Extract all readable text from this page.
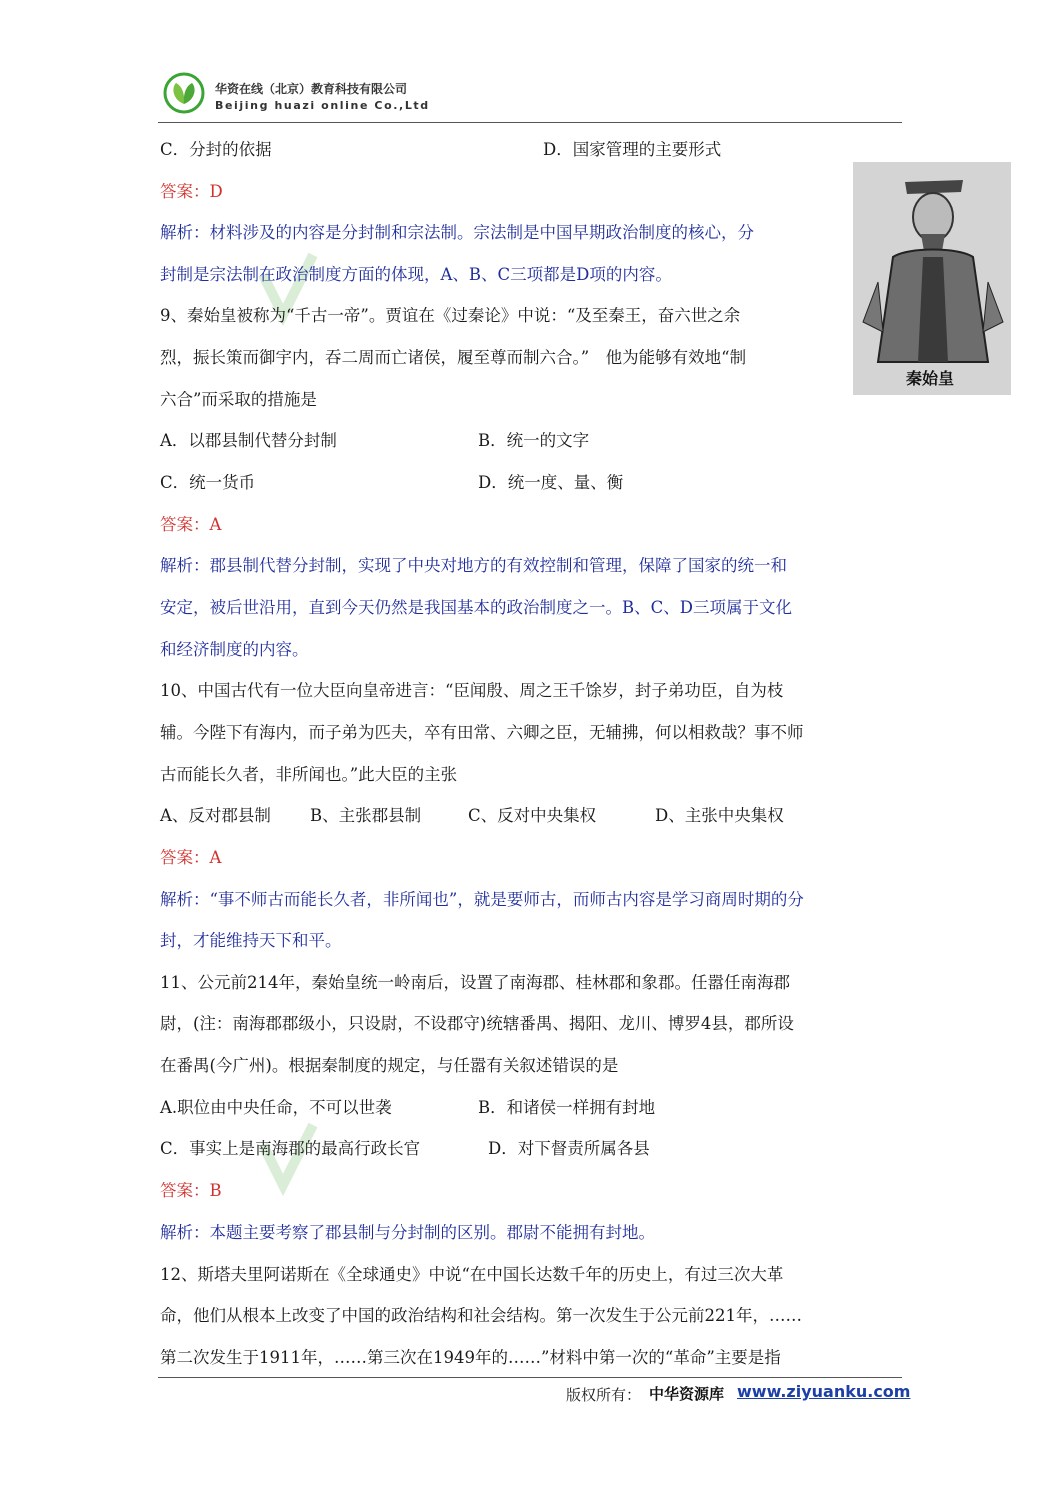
华资在线（北京）教育科技有限公司
Beijing huazi online Co.,Ltd
秦始皇
C．分封的依据
答案：D
解析：材料涉及的内容是分封制和宗法制。宗法制是中国早期政治制度的核心，分
封制是宗法制在政治制度方面的体现，A、B、C三项都是D项的内容。
9、秦始皇被称为“千古一帝”。贾谊在《过秦论》中说：“及至秦王，奋六世之余
烈，振长策而御宇内，吞二周而亡诸侯，履至尊而制六合。”　他为能够有效地“制
六合”而采取的措施是
A．以郡县制代替分封制
C．统一货币
答案：A
解析：郡县制代替分封制，实现了中央对地方的有效控制和管理，保障了国家的统一和
安定，被后世沿用，直到今天仍然是我国基本的政治制度之一。B、C、D三项属于文化
和经济制度的内容。
10、中国古代有一位大臣向皇帝进言：“臣闻殷、周之王千馀岁，封子弟功臣，自为枝
辅。今陛下有海内，而子弟为匹夫，卒有田常、六卿之臣，无辅拂，何以相救哉？事不师
古而能长久者，非所闻也。”此大臣的主张
A、反对郡县制
答案：A
解析：“事不师古而能长久者，非所闻也”，就是要师古，而师古内容是学习商周时期的分
封，才能维持天下和平。
11、公元前214年，秦始皇统一岭南后，设置了南海郡、桂林郡和象郡。任嚣任南海郡
尉，(注：南海郡郡级小，只设尉，不设郡守)统辖番禺、揭阳、龙川、博罗4县，郡所设
在番禺(今广州)。根据秦制度的规定，与任嚣有关叙述错误的是
A.职位由中央任命，不可以世袭
C．事实上是南海郡的最高行政长官
答案：B
解析：本题主要考察了郡县制与分封制的区别。郡尉不能拥有封地。
12、斯塔夫里阿诺斯在《全球通史》中说“在中国长达数千年的历史上，有过三次大革
命，他们从根本上改变了中国的政治结构和社会结构。第一次发生于公元前221年，……
第二次发生于1911年，……第三次在1949年的……”材料中第一次的“革命”主要是指
D．国家管理的主要形式
B．统一的文字
D．统一度、量、衡
B、主张郡县制	C、反对中央集权	D、主张中央集权
B．和诸侯一样拥有封地
D．对下督责所属各县
版权所有： 中华资源库 www.ziyuanku.com
